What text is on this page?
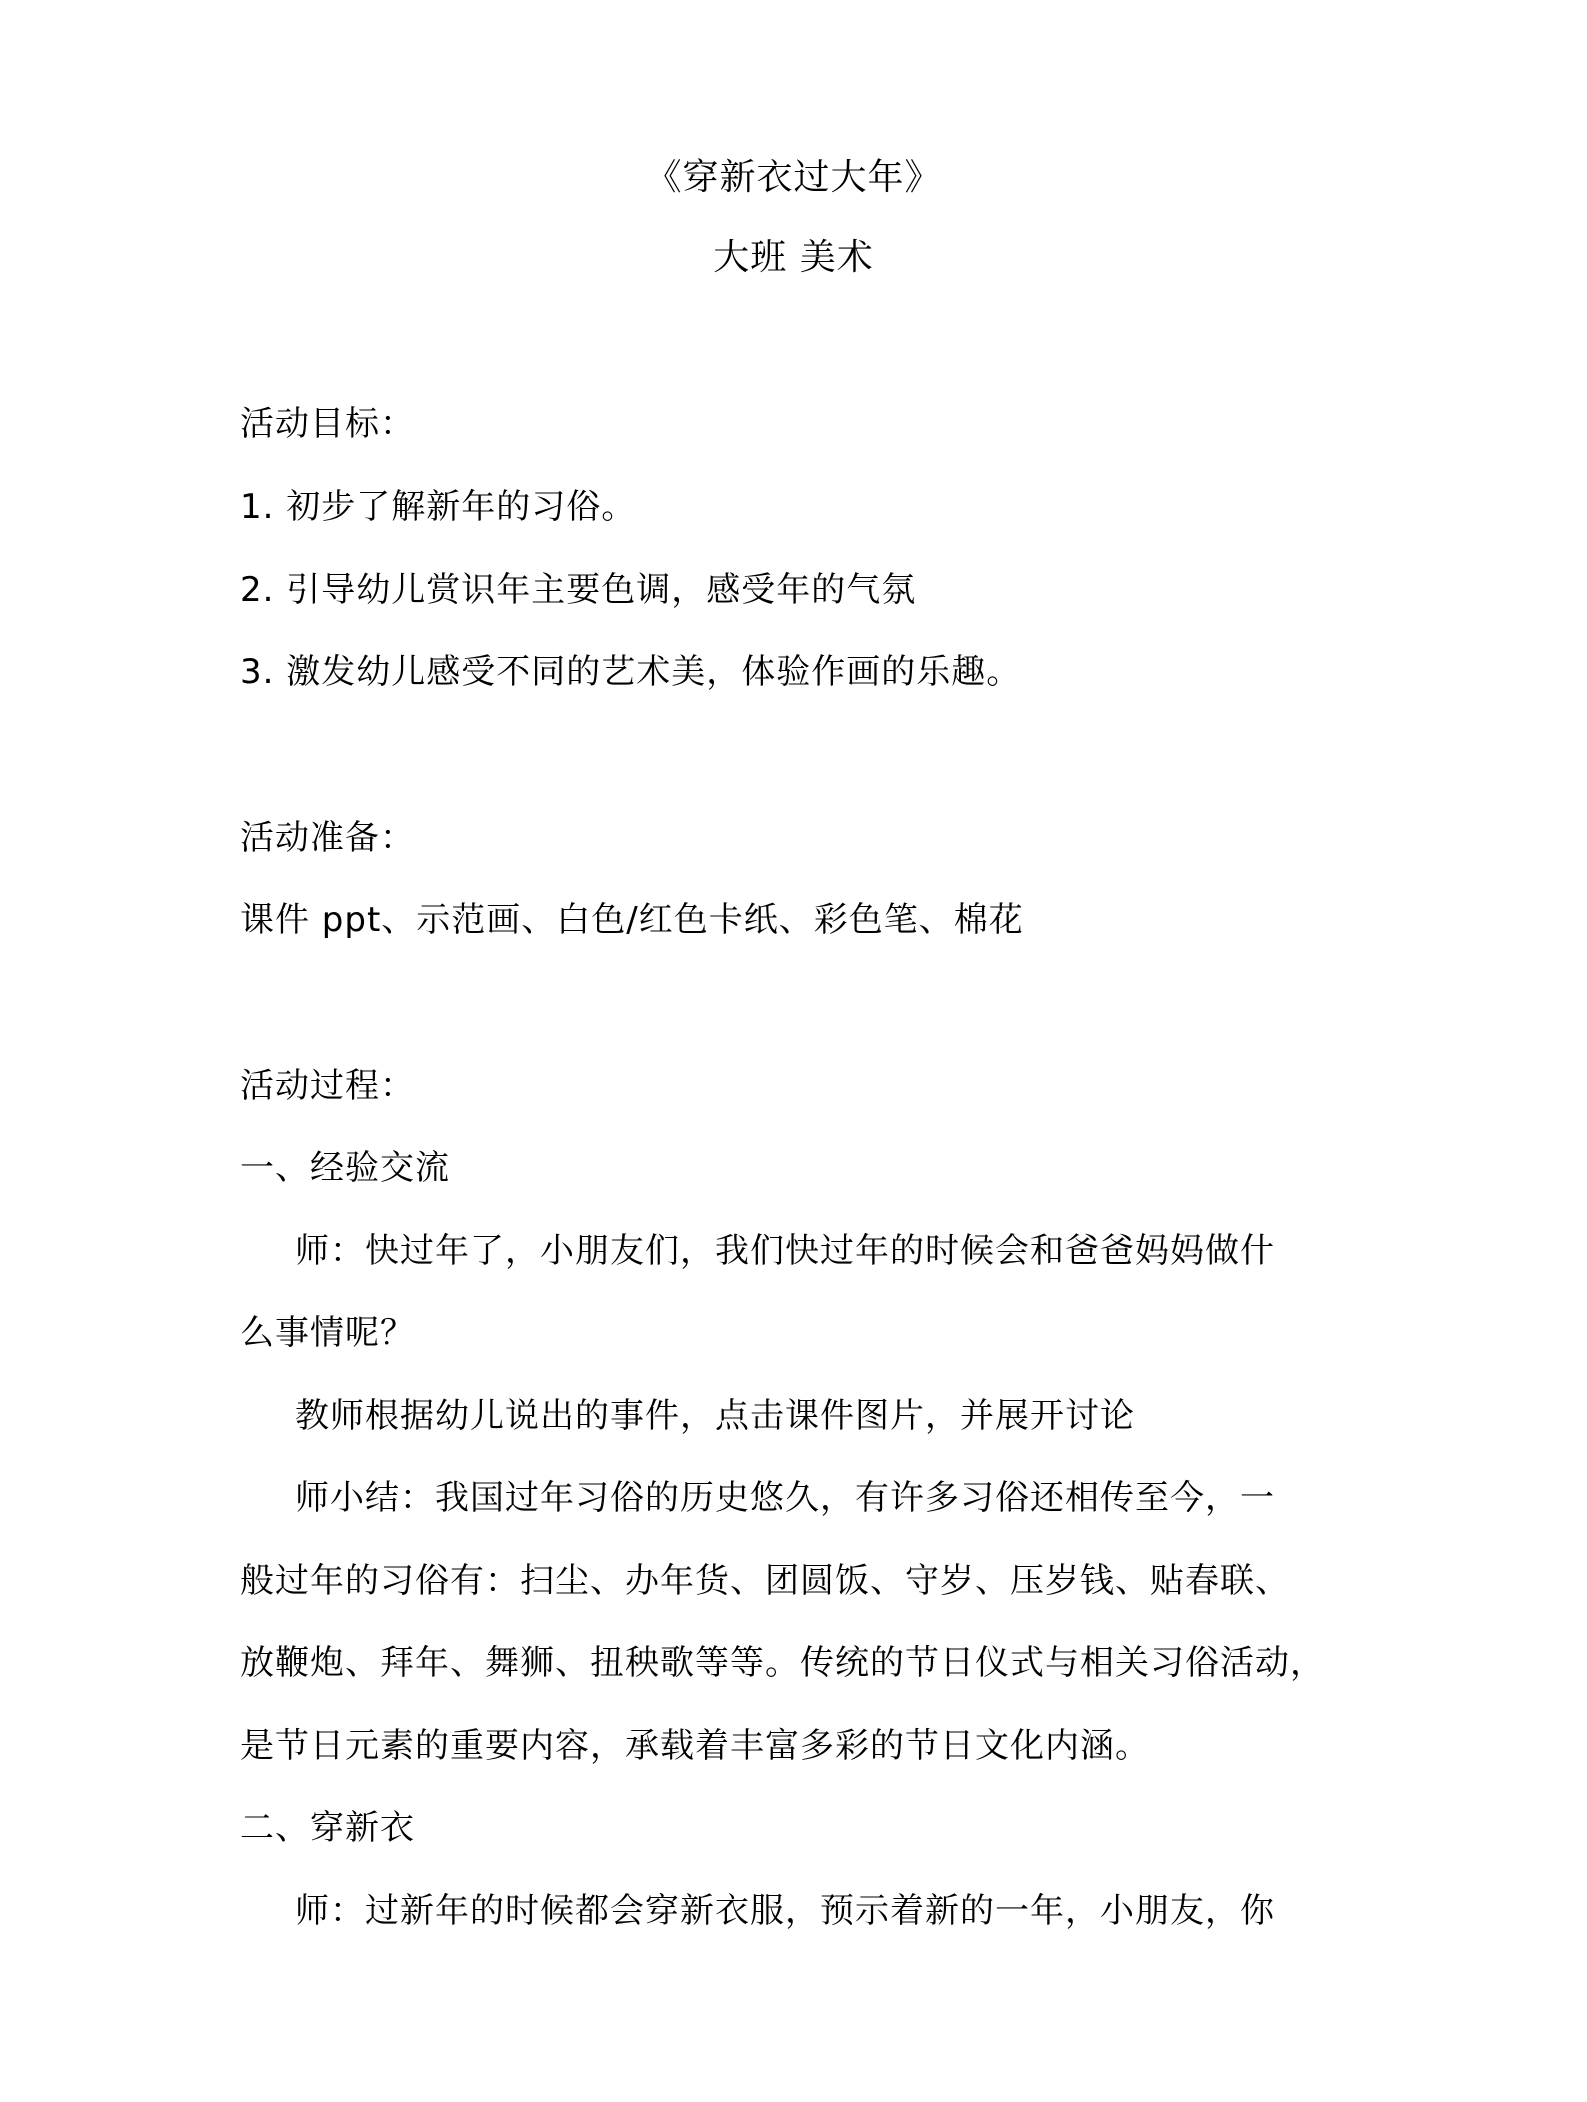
《穿新衣过大年》
大班 美术
活动目标：
1. 初步了解新年的习俗。
2. 引导幼儿赏识年主要色调，感受年的气氛
3. 激发幼儿感受不同的艺术美，体验作画的乐趣。
活动准备：
课件 ppt、示范画、白色/红色卡纸、彩色笔、棉花
活动过程：
一、经验交流
师：快过年了，小朋友们，我们快过年的时候会和爸爸妈妈做什
么事情呢？
教师根据幼儿说出的事件，点击课件图片，并展开讨论
师小结：我国过年习俗的历史悠久，有许多习俗还相传至今，一
般过年的习俗有：扫尘、办年货、团圆饭、守岁、压岁钱、贴春联、
放鞭炮、拜年、舞狮、扭秧歌等等。传统的节日仪式与相关习俗活动，
是节日元素的重要内容，承载着丰富多彩的节日文化内涵。
二、穿新衣
师：过新年的时候都会穿新衣服，预示着新的一年，小朋友，你
